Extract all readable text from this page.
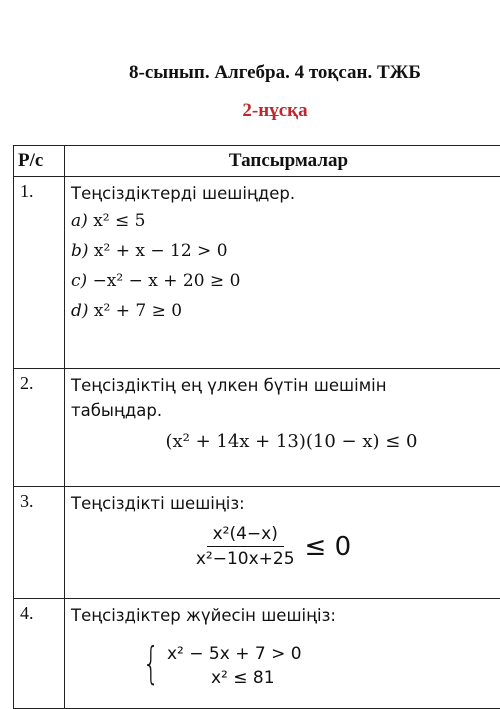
8-сынып. Алгебра. 4 тоқсан. ТЖБ
2-нұсқа
Р/с	Тапсырмалар
1.	Теңсіздіктерді шешіңдер.
a) x² ≤ 5
b) x² + x − 12 > 0
c) −x² − x + 20 ≥ 0
d) x² + 7 ≥ 0

2.	Теңсіздіктің ең үлкен бүтін шешімін
табыңдар.
(x² + 14x + 13)(10 − x) ≤ 0

3.	Теңсіздікті шешіңіз:
$\frac{\text{x²(4−x)}}{\text{x²−10x+25}} \le 0$

4.	Теңсіздіктер жүйесін шешіңіз:
{ x² − 5x + 7 > 0
x² ≤ 81
